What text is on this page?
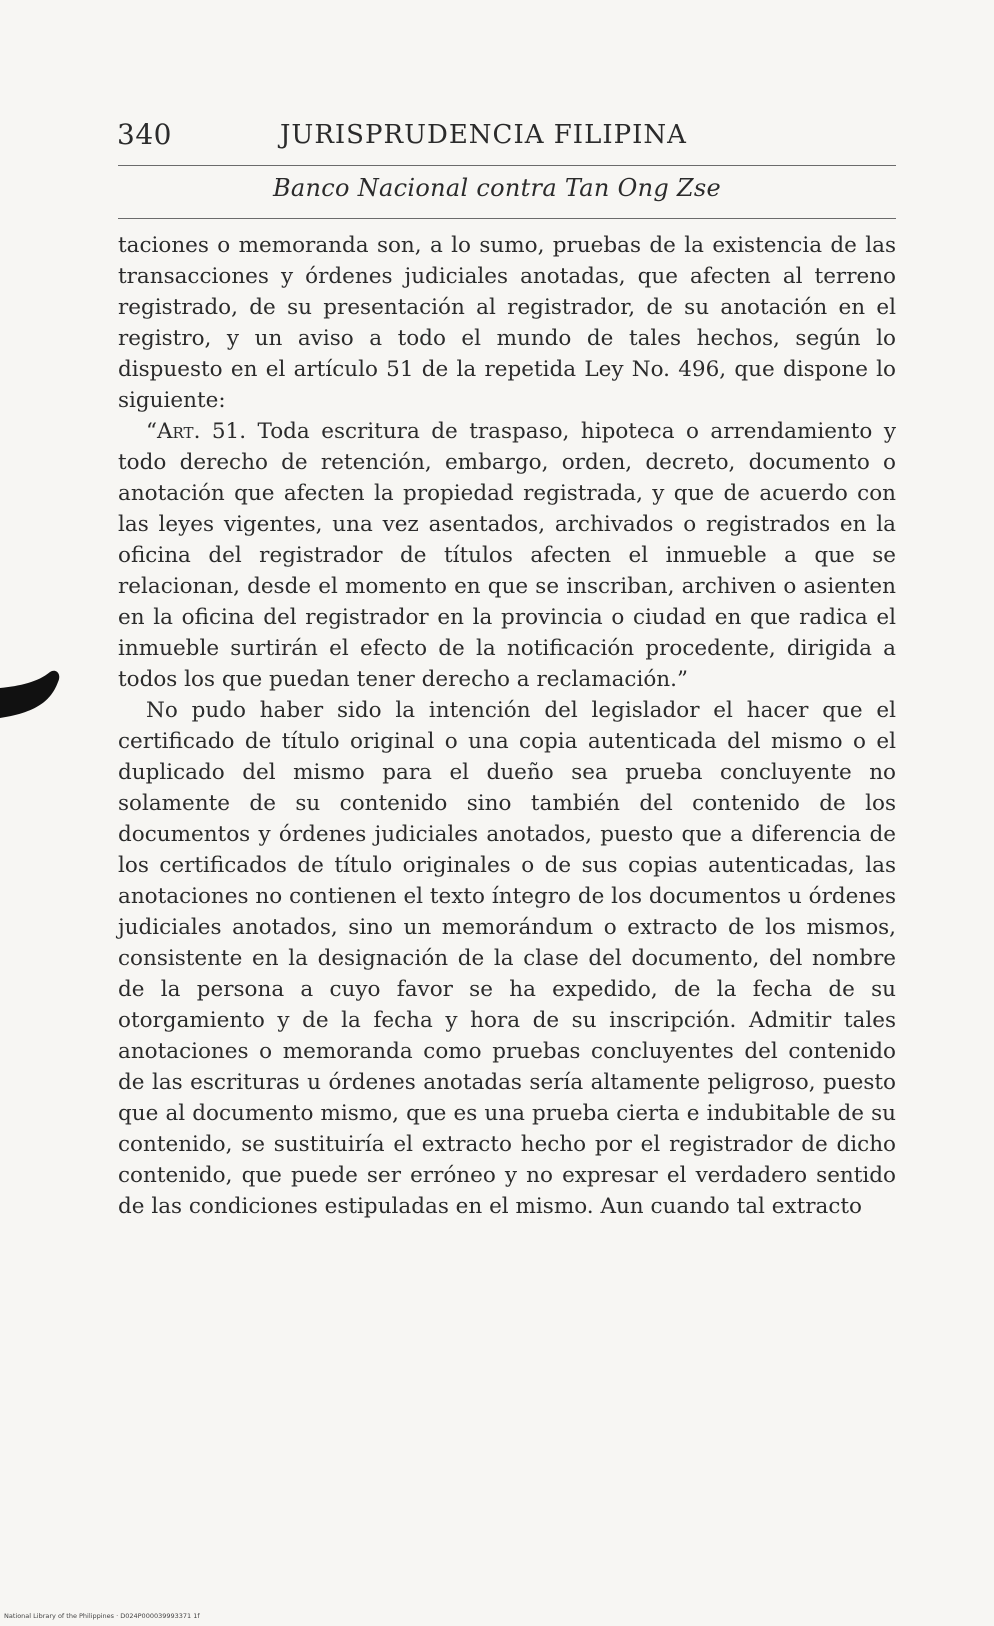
340	JURISPRUDENCIA FILIPINA
Banco Nacional contra Tan Ong Zse

taciones o memoranda son, a lo sumo, pruebas de la existencia de las transacciones y órdenes judiciales anotadas, que afecten al terreno registrado, de su presentación al registrador, de su anotación en el registro, y un aviso a todo el mundo de tales hechos, según lo dispuesto en el artículo 51 de la repetida Ley No. 496, que dispone lo siguiente:

“Art. 51. Toda escritura de traspaso, hipoteca o arrendamiento y todo derecho de retención, embargo, orden, decreto, documento o anotación que afecten la propiedad registrada, y que de acuerdo con las leyes vigentes, una vez asentados, archivados o registrados en la oficina del registrador de títulos afecten el inmueble a que se relacionan, desde el momento en que se inscriban, archiven o asienten en la oficina del registrador en la provincia o ciudad en que radica el inmueble surtirán el efecto de la notificación procedente, dirigida a todos los que puedan tener derecho a reclamación.”

No pudo haber sido la intención del legislador el hacer que el certificado de título original o una copia autenticada del mismo o el duplicado del mismo para el dueño sea prueba concluyente no solamente de su contenido sino también del contenido de los documentos y órdenes judiciales anotados, puesto que a diferencia de los certificados de título originales o de sus copias autenticadas, las anotaciones no contienen el texto íntegro de los documentos u órdenes judiciales anotados, sino un memorándum o extracto de los mismos, consistente en la designación de la clase del documento, del nombre de la persona a cuyo favor se ha expedido, de la fecha de su otorgamiento y de la fecha y hora de su inscripción. Admitir tales anotaciones o memoranda como pruebas concluyentes del contenido de las escrituras u órdenes anotadas sería altamente peligroso, puesto que al documento mismo, que es una prueba cierta e indubitable de su contenido, se sustituiría el extracto hecho por el registrador de dicho contenido, que puede ser erróneo y no expresar el verdadero sentido de las condiciones estipuladas en el mismo. Aun cuando tal extracto

National Library of the Philippines · D024P000039993371 1f
